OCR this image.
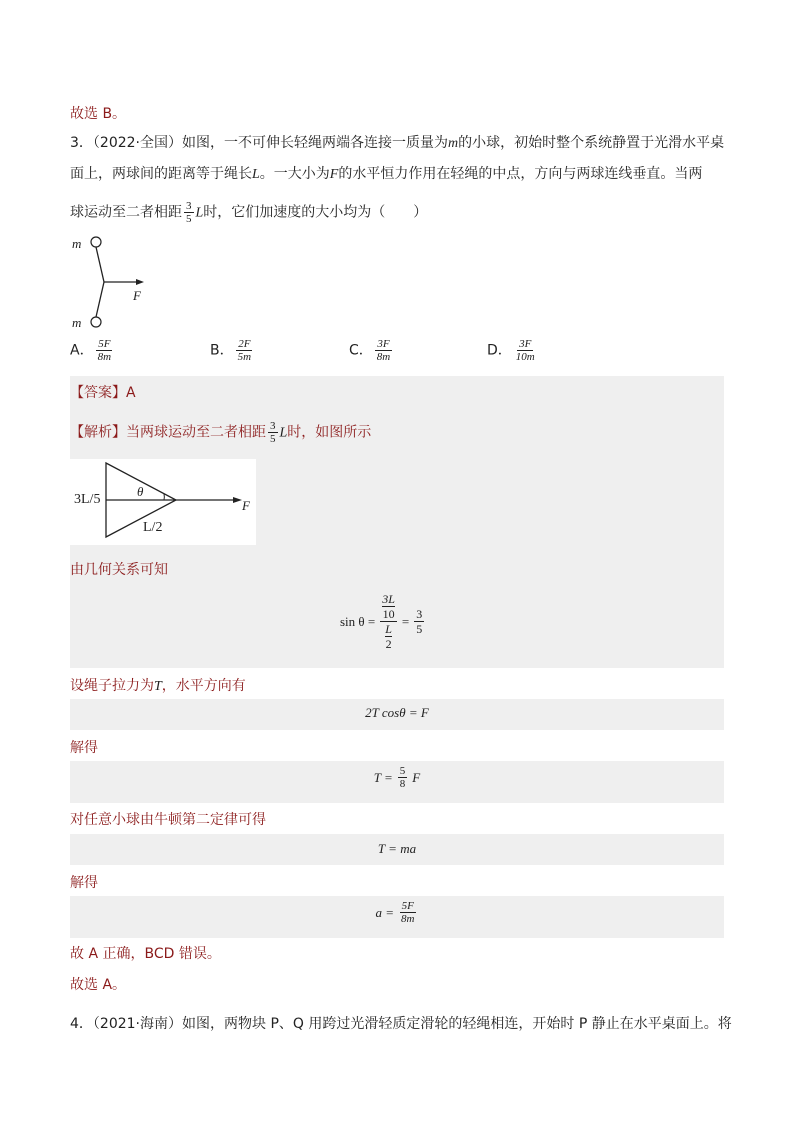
故选 B。
3．（2022·全国）如图，一不可伸长轻绳两端各连接一质量为m的小球，初始时整个系统静置于光滑水平桌
面上，两球间的距离等于绳长L。一大小为F的水平恒力作用在轻绳的中点，方向与两球连线垂直。当两
球运动至二者相距 $\frac{3}{5}$ L时，它们加速度的大小均为（　　）
m
m
F
A． $\frac{5F}{8m}$	B． $\frac{2F}{5m}$	C． $\frac{3F}{8m}$	D． $\frac{3F}{10m}$
【答案】A
【解析】当两球运动至二者相距 $\frac{3}{5}$ L时，如图所示
3L/5
θ
L/2
F
由几何关系可知
sin θ = 3L
10
L
$2 = \frac{3}{5}$
设绳子拉力为T，水平方向有
2T cosθ = F
解得
$T = \frac{5}{8}$ F
对任意小球由牛顿第二定律可得
T = ma
解得
$a = \frac{5F}{8m}$
故 A 正确，BCD 错误。
故选 A。
4．（2021·海南）如图，两物块 P、Q 用跨过光滑轻质定滑轮的轻绳相连，开始时 P 静止在水平桌面上。将
